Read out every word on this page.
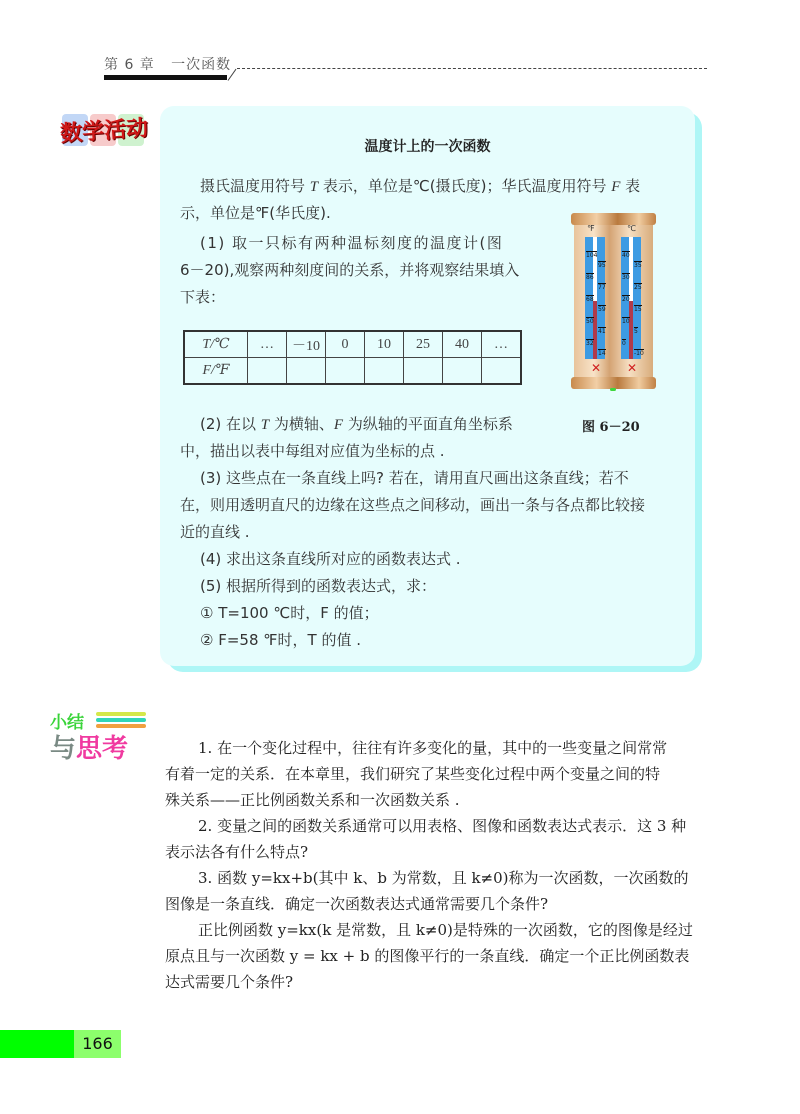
第 6 章 一次函数
数学活动	温度计上的一次函数
摄氏温度用符号 T 表示，单位是℃(摄氏度)；华氏温度用符号 F 表
示，单位是℉(华氏度).
(1) 取一只标有两种温标刻度的温度计(图
6－20),观察两种刻度间的关系，并将观察结果填入
下表：
T/℃	…	－10	0	10	25	40	…
F/℉							
℉	℃
104
86
68
50
32
95
77
59
41
14
40
30
20
10
0
35
25
15
5
-10
✕ ✕
图 6－20
(2) 在以 T 为横轴、F 为纵轴的平面直角坐标系
中，描出以表中每组对应值为坐标的点 .
(3) 这些点在一条直线上吗? 若在，请用直尺画出这条直线；若不
在，则用透明直尺的边缘在这些点之间移动，画出一条与各点都比较接
近的直线 .
(4) 求出这条直线所对应的函数表达式 .
(5) 根据所得到的函数表达式，求：
① T=100 ℃时，F 的值；
② F=58 ℉时，T 的值 .
小结
与思考	1. 在一个变化过程中，往往有许多变化的量，其中的一些变量之间常常
有着一定的关系．在本章里，我们研究了某些变化过程中两个变量之间的特
殊关系——正比例函数关系和一次函数关系 .
2. 变量之间的函数关系通常可以用表格、图像和函数表达式表示．这 3 种
表示法各有什么特点?
3. 函数 y=kx+b(其中 k、b 为常数，且 k≠0)称为一次函数，一次函数的
图像是一条直线．确定一次函数表达式通常需要几个条件?
正比例函数 y=kx(k 是常数，且 k≠0)是特殊的一次函数，它的图像是经过
原点且与一次函数 y = kx + b 的图像平行的一条直线．确定一个正比例函数表
达式需要几个条件?
166
